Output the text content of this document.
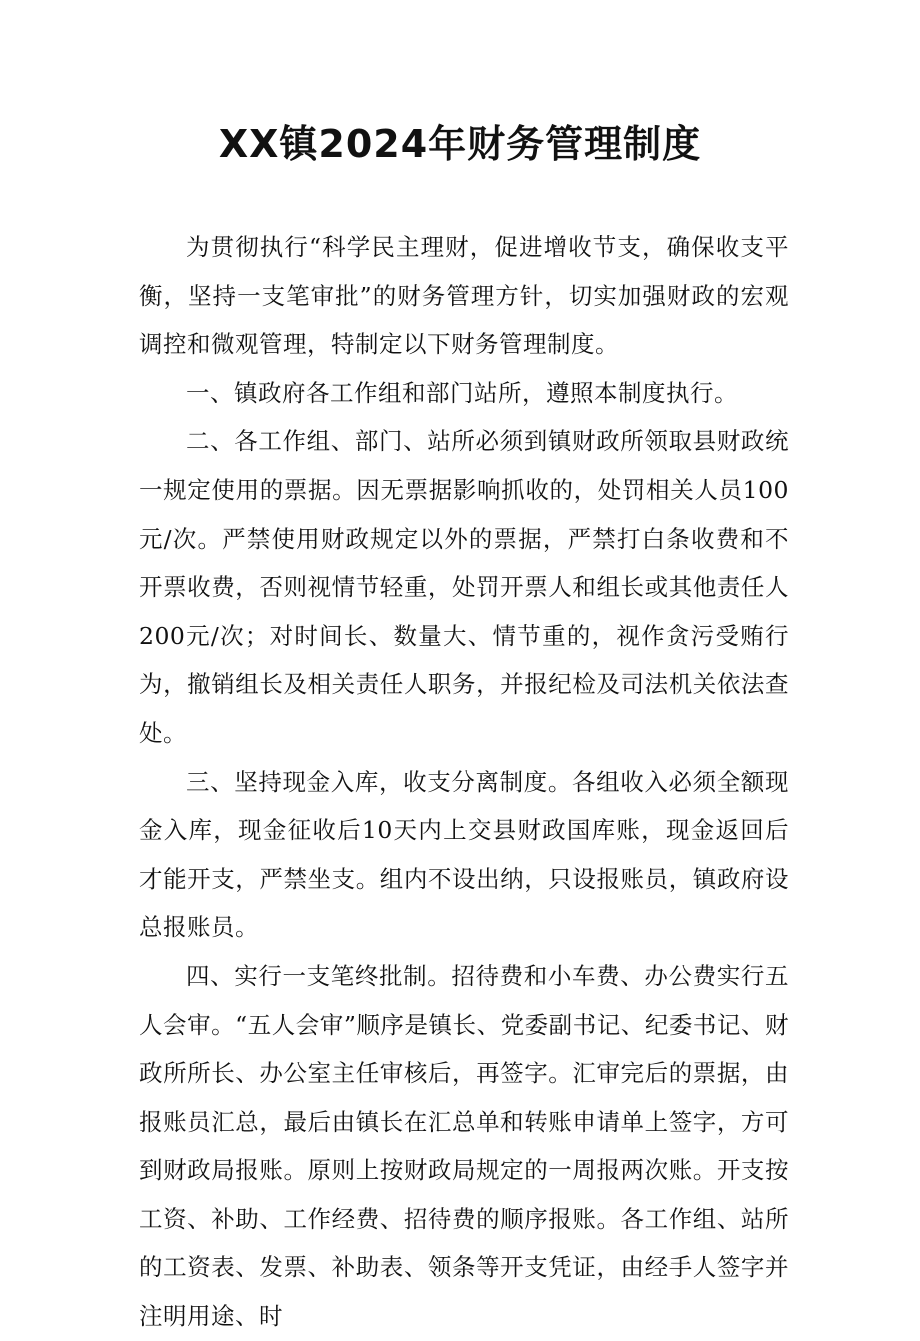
XX镇2024年财务管理制度

为贯彻执行“科学民主理财，促进增收节支，确保收支平衡，坚持一支笔审批”的财务管理方针，切实加强财政的宏观调控和微观管理，特制定以下财务管理制度。

一、镇政府各工作组和部门站所，遵照本制度执行。

二、各工作组、部门、站所必须到镇财政所领取县财政统一规定使用的票据。因无票据影响抓收的，处罚相关人员100元/次。严禁使用财政规定以外的票据，严禁打白条收费和不开票收费，否则视情节轻重，处罚开票人和组长或其他责任人200元/次；对时间长、数量大、情节重的，视作贪污受贿行为，撤销组长及相关责任人职务，并报纪检及司法机关依法查处。

三、坚持现金入库，收支分离制度。各组收入必须全额现金入库，现金征收后10天内上交县财政国库账，现金返回后才能开支，严禁坐支。组内不设出纳，只设报账员，镇政府设总报账员。

四、实行一支笔终批制。招待费和小车费、办公费实行五人会审。“五人会审”顺序是镇长、党委副书记、纪委书记、财政所所长、办公室主任审核后，再签字。汇审完后的票据，由报账员汇总，最后由镇长在汇总单和转账申请单上签字，方可到财政局报账。原则上按财政局规定的一周报两次账。开支按工资、补助、工作经费、招待费的顺序报账。各工作组、站所的工资表、发票、补助表、领条等开支凭证，由经手人签字并注明用途、时
